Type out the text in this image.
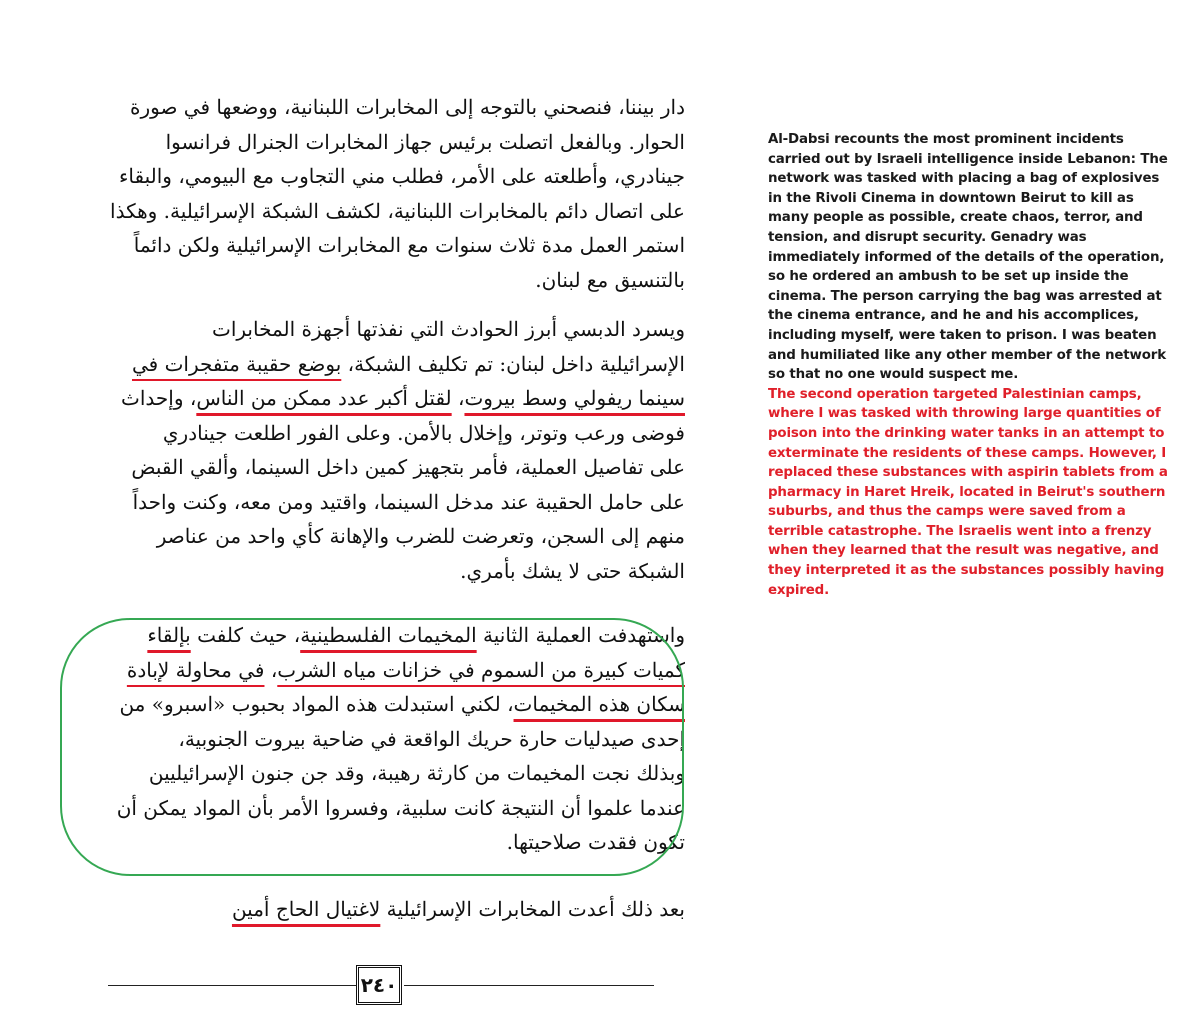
دار بيننا، فنصحني بالتوجه إلى المخابرات اللبنانية، ووضعها في صورة
الحوار. وبالفعل اتصلت برئيس جهاز المخابرات الجنرال فرانسوا
جينادري، وأطلعته على الأمر، فطلب مني التجاوب مع البيومي، والبقاء
على اتصال دائم بالمخابرات اللبنانية، لكشف الشبكة الإسرائيلية. وهكذا
استمر العمل مدة ثلاث سنوات مع المخابرات الإسرائيلية ولكن دائماً
بالتنسيق مع لبنان.
ويسرد الدبسي أبرز الحوادث التي نفذتها أجهزة المخابرات
الإسرائيلية داخل لبنان: تم تكليف الشبكة، بوضع حقيبة متفجرات في
سينما ريفولي وسط بيروت، لقتل أكبر عدد ممكن من الناس، وإحداث
فوضى ورعب وتوتر، وإخلال بالأمن. وعلى الفور اطلعت جينادري
على تفاصيل العملية، فأمر بتجهيز كمين داخل السينما، وألقي القبض
على حامل الحقيبة عند مدخل السينما، واقتيد ومن معه، وكنت واحداً
منهم إلى السجن، وتعرضت للضرب والإهانة كأي واحد من عناصر
الشبكة حتى لا يشك بأمري.
واستهدفت العملية الثانية المخيمات الفلسطينية، حيث كلفت بإلقاء
كميات كبيرة من السموم في خزانات مياه الشرب، في محاولة لإبادة
سكان هذه المخيمات، لكني استبدلت هذه المواد بحبوب «اسبرو» من
إحدى صيدليات حارة حريك الواقعة في ضاحية بيروت الجنوبية،
وبذلك نجت المخيمات من كارثة رهيبة، وقد جن جنون الإسرائيليين
عندما علموا أن النتيجة كانت سلبية، وفسروا الأمر بأن المواد يمكن أن
تكون فقدت صلاحيتها.
بعد ذلك أعدت المخابرات الإسرائيلية لاغتيال الحاج أمين
٢٤٠

Al-Dabsi recounts the most prominent incidents carried out by Israeli intelligence inside Lebanon: The network was tasked with placing a bag of explosives in the Rivoli Cinema in downtown Beirut to kill as many people as possible, create chaos, terror, and tension, and disrupt security. Genadry was immediately informed of the details of the operation, so he ordered an ambush to be set up inside the cinema. The person carrying the bag was arrested at the cinema entrance, and he and his accomplices, including myself, were taken to prison. I was beaten and humiliated like any other member of the network so that no one would suspect me.

The second operation targeted Palestinian camps, where I was tasked with throwing large quantities of poison into the drinking water tanks in an attempt to exterminate the residents of these camps. However, I replaced these substances with aspirin tablets from a pharmacy in Haret Hreik, located in Beirut's southern suburbs, and thus the camps were saved from a terrible catastrophe. The Israelis went into a frenzy when they learned that the result was negative, and they interpreted it as the substances possibly having expired.
